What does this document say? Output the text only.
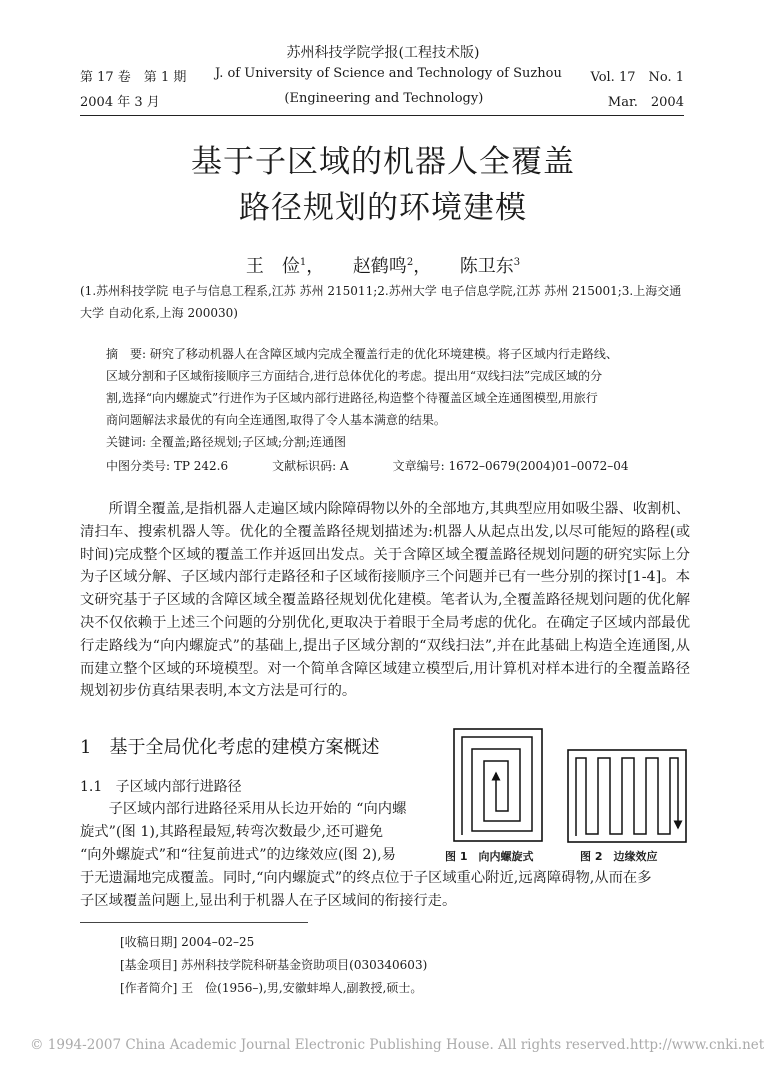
苏州科技学院学报(工程技术版)
第 17 卷　第 1 期 J. of University of Science and Technology of Suzhou Vol. 17　No. 1
2004 年 3 月	(Engineering and Technology)	Mar.　2004
基于子区域的机器人全覆盖
路径规划的环境建模
王　俭$^1$， 赵鹤鸣$^2$， 陈卫东$^3$
(1.苏州科技学院 电子与信息工程系,江苏 苏州 215011;2.苏州大学 电子信息学院,江苏 苏州 215001;3.上海交通大学 自动化系,上海 200030)
摘　要: 研究了移动机器人在含障区域内完成全覆盖行走的优化环境建模。将子区域内行走路线、
区域分割和子区域衔接顺序三方面结合,进行总体优化的考虑。提出用“双线扫法”完成区域的分
割,选择“向内螺旋式”行进作为子区域内部行进路径,构造整个待覆盖区域全连通图模型,用旅行
商问题解法求最优的有向全连通图,取得了令人基本满意的结果。
关键词: 全覆盖;路径规划;子区域;分割;连通图
中图分类号: TP 242.6	文献标识码: A	文章编号: 1672–0679(2004)01–0072–04
所谓全覆盖,是指机器人走遍区域内除障碍物以外的全部地方,其典型应用如吸尘器、收割机、清扫车、搜索机器人等。优化的全覆盖路径规划描述为:机器人从起点出发,以尽可能短的路程(或时间)完成整个区域的覆盖工作并返回出发点。关于含障区域全覆盖路径规划问题的研究实际上分为子区域分解、子区域内部行走路径和子区域衔接顺序三个问题并已有一些分别的探讨[1-4]。本文研究基于子区域的含障区域全覆盖路径规划优化建模。笔者认为,全覆盖路径规划问题的优化解决不仅依赖于上述三个问题的分别优化,更取决于着眼于全局考虑的优化。在确定子区域内部最优行走路线为“向内螺旋式”的基础上,提出子区域分割的“双线扫法”,并在此基础上构造全连通图,从而建立整个区域的环境模型。对一个简单含障区域建立模型后,用计算机对样本进行的全覆盖路径规划初步仿真结果表明,本文方法是可行的。
1 基于全局优化考虑的建模方案概述
1.1 子区域内部行进路径
　　子区域内部行进路径采用从长边开始的 “向内螺
旋式”(图 1),其路程最短,转弯次数最少,还可避免
“向外螺旋式”和“往复前进式”的边缘效应(图 2),易
于无遗漏地完成覆盖。同时,“向内螺旋式”的终点位于子区域重心附近,远离障碍物,从而在多
子区域覆盖问题上,显出利于机器人在子区域间的衔接行走。
图 1　向内螺旋式	图 2　边缘效应
[收稿日期] 2004–02–25
[基金项目] 苏州科技学院科研基金资助项目(030340603)
[作者简介] 王　俭(1956–),男,安徽蚌埠人,副教授,硕士。
© 1994-2007 China Academic Journal Electronic Publishing House. All rights reserved. http://www.cnki.net
